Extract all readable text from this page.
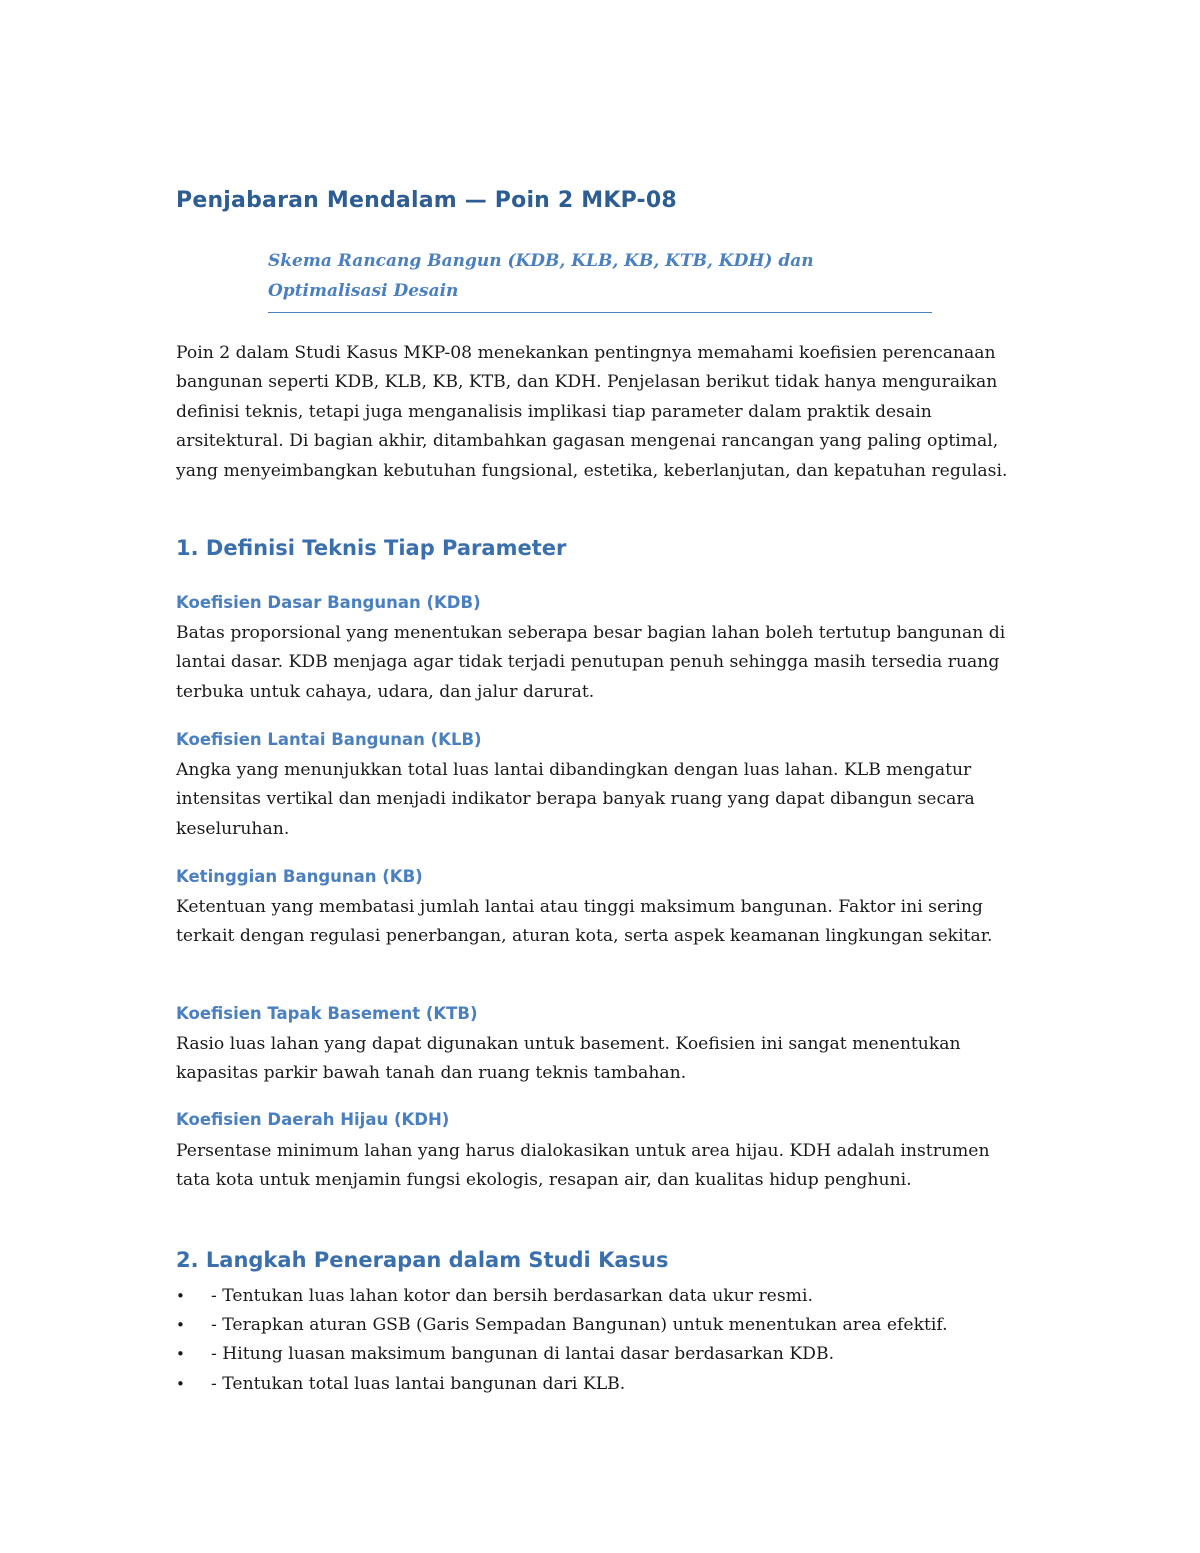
Penjabaran Mendalam — Poin 2 MKP-08

Skema Rancang Bangun (KDB, KLB, KB, KTB, KDH) dan Optimalisasi Desain

Poin 2 dalam Studi Kasus MKP-08 menekankan pentingnya memahami koefisien perencanaan bangunan seperti KDB, KLB, KB, KTB, dan KDH. Penjelasan berikut tidak hanya menguraikan definisi teknis, tetapi juga menganalisis implikasi tiap parameter dalam praktik desain arsitektural. Di bagian akhir, ditambahkan gagasan mengenai rancangan yang paling optimal, yang menyeimbangkan kebutuhan fungsional, estetika, keberlanjutan, dan kepatuhan regulasi.

1. Definisi Teknis Tiap Parameter
Koefisien Dasar Bangunan (KDB)

Batas proporsional yang menentukan seberapa besar bagian lahan boleh tertutup bangunan di lantai dasar. KDB menjaga agar tidak terjadi penutupan penuh sehingga masih tersedia ruang terbuka untuk cahaya, udara, dan jalur darurat.

Koefisien Lantai Bangunan (KLB)

Angka yang menunjukkan total luas lantai dibandingkan dengan luas lahan. KLB mengatur intensitas vertikal dan menjadi indikator berapa banyak ruang yang dapat dibangun secara keseluruhan.

Ketinggian Bangunan (KB)

Ketentuan yang membatasi jumlah lantai atau tinggi maksimum bangunan. Faktor ini sering terkait dengan regulasi penerbangan, aturan kota, serta aspek keamanan lingkungan sekitar.

Koefisien Tapak Basement (KTB)

Rasio luas lahan yang dapat digunakan untuk basement. Koefisien ini sangat menentukan kapasitas parkir bawah tanah dan ruang teknis tambahan.

Koefisien Daerah Hijau (KDH)

Persentase minimum lahan yang harus dialokasikan untuk area hijau. KDH adalah instrumen tata kota untuk menjamin fungsi ekologis, resapan air, dan kualitas hidup penghuni.

2. Langkah Penerapan dalam Studi Kasus
• - Tentukan luas lahan kotor dan bersih berdasarkan data ukur resmi.
• - Terapkan aturan GSB (Garis Sempadan Bangunan) untuk menentukan area efektif.
• - Hitung luasan maksimum bangunan di lantai dasar berdasarkan KDB.
• - Tentukan total luas lantai bangunan dari KLB.
